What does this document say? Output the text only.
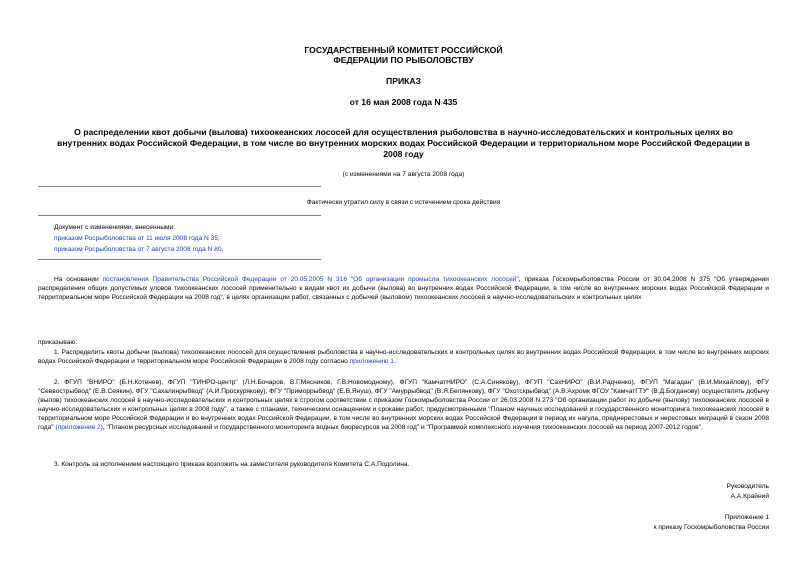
ГОСУДАРСТВЕННЫЙ КОМИТЕТ РОССИЙСКОЙ
ФЕДЕРАЦИИ ПО РЫБОЛОВСТВУ
ПРИКАЗ
от 16 мая 2008 года N 435
О распределении квот добычи (вылова) тихоокеанских лососей для осуществления рыболовства в научно-исследовательских и контрольных целях во
внутренних водах Российской Федерации, в том числе во внутренних морских водах Российской Федерации и территориальном море Российской Федерации в
2008 году
(с изменениями на 7 августа 2008 года)
Фактически утратил силу в связи с истечением срока действия
Документ с изменениями, внесенными:
приказом Росрыболовства от 11 июля 2008 года N 35;
приказом Росрыболовства от 7 августа 2008 года N 80.
На основании постановления Правительства Российской Федерации от 20.05.2005 N 316 "Об организации промысла тихоокеанских лососей", приказа Госкомрыболовства России от 30.04.2008 N 375 "Об утверждении распределения общих допустимых уловов тихоокеанских лососей применительно к видам квот их добычи (вылова) во внутренних водах Российской Федерации, в том числе во внутренних морских водах Российской Федерации и территориальном море Российской Федерации на 2008 год", в целях организации работ, связанных с добычей (выловом) тихоокеанских лососей в научно-исследовательских и контрольных целях
приказываю:
1. Распределить квоты добычи (вылова) тихоокеанских лососей для осуществления рыболовства в научно-исследовательских и контрольных целях во внутренних водах Российской Федерации, в том числе во внутренних морских водах Российской Федерации и территориальном море Российской Федерации в 2008 году согласно приложению 1.
2. ФГУП "ВНИРО" (Б.Н.Котенев), ФГУП "ТИНРО-центр" (Л.Н.Бочаров, В.Г.Мясников, Г.В.Новомодному), ФГУП "КамчатНИРО" (С.А.Синякову), ФГУП "СахНИРО" (В.И.Радченко), ФГУП "Магадан" (В.И.Михайлову), ФГУ "Севвострыбвод" (Е.В.Сеякин), ФГУ "Сахалинрыбвод" (А.И.Проскурякову), ФГУ "Приморрыбвод" (Е.В.Януш), ФГУ "Амуррыбвод" (В.Я.Белянкову), ФГУ "Охотскрыбвод" (А.В.Ахромк ФГОУ "КамчатГТУ" (В.Д.Богданову) осуществлять добычу (вылов) тихоокеанских лососей в научно-исследовательских и контрольных целях в строгом соответствии с приказом Госкомрыболовства России от 26.03.2008 N 273 "Об организации работ по добыче (вылову) тихоокеанских лососей в научно-исследовательских и контрольных целях в 2008 году", а также с планами, техническим оснащением и сроками работ, предусмотренными "Планом научных исследований и государственного мониторинга тихоокеанских лососей в территориальном море Российской Федерации и во внутренних водах Российской Федерации, в том числе во внутренних морских водах Российской Федерации в период их нагула, преднерестовых и нерестовых миграций в сезон 2008 года" (приложение 2), "Планом ресурсных исследований и государственного мониторинга водных биоресурсов на 2008 год" и "Программой комплексного изучения тихоокеанских лососей на период 2007-2012 годов".
3. Контроль за исполнением настоящего приказа возложить на заместителя руководителя Комитета С.А.Подолина.
Руководитель
А.А.Крайний
Приложение 1
к приказу Госкомрыболовства России
